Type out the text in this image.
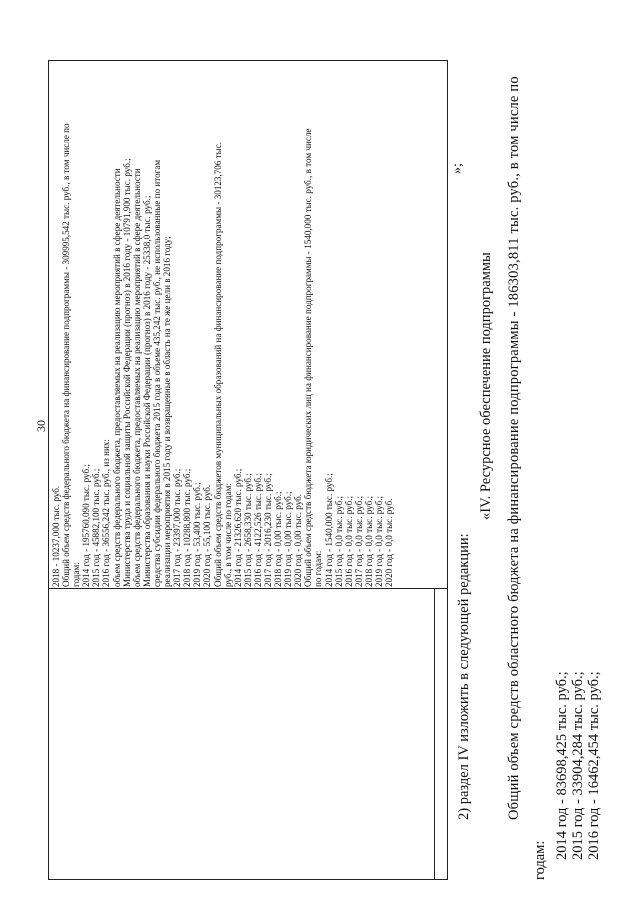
30
2018 - 10237,000 тыс. руб. Общий объем средств федерального бюджета на финансирование подпрограммы - 309995,542 тыс. руб., в том числе по годам: 2014 год - 195760,090 тыс. руб.; 2015 год - 45882,100 тыс. руб.; 2016 год - 36556,242 тыс. руб., из них: объем средств федерального бюджета, предоставляемых на реализацию мероприятий в сфере деятельности Министерства труда и социальной защиты Российской Федерации (прогноз) в 2016 году - 10791,900 тыс. руб.; объем средств федерального бюджета, предоставляемых на реализацию мероприятий в сфере деятельности Министерства образования и науки Российской Федерации (прогноз) в 2016 году - 25338,0 тыс. руб.; средства субсидии федерального бюджета 2015 года в объеме 435,242 тыс. руб., не использованные по итогам реализации мероприятия в 2015 году и возвращенные в область на те же цели в 2016 году; 2017 год - 23397,000 тыс. руб.; 2018 год - 10288,800 тыс. руб.; 2019 год - 53,400 тыс. руб.; 2020 год - 55,100 тыс. руб. Общий объем средств бюджетов муниципальных образований на финансирование подпрограммы - 30123,706 тыс. руб., в том числе по годам: 2014 год - 21326,620 тыс. руб.; 2015 год - 2658,330 тыс. руб.; 2016 год - 4122,526 тыс. руб.; 2017 год - 2016,230 тыс. руб.; 2018 год - 0,00 тыс. руб.; 2019 год - 0,00 тыс. руб.; 2020 год - 0,00 тыс. руб. Общий объем средств бюджета юридических лиц на финансирование подпрограммы - 1540,000 тыс. руб., в том числе по годам: 2014 год - 1540,000 тыс. руб.; 2015 год - 0,0 тыс. руб.; 2016 год - 0,0 тыс. руб.; 2017 год - 0,0 тыс. руб.; 2018 год - 0,0 тыс. руб.; 2019 год - 0,0 тыс. руб.; 2020 год - 0,0 тыс. руб.
»;
2) раздел IV изложить в следующей редакции:
«IV. Ресурсное обеспечение подпрограммы Общий объем средств областного бюджета на финансирование подпрограммы - 186303,811 тыс. руб., в том числе по
годам:
2014 год - 83698,425 тыс. руб.; 2015 год - 33904,284 тыс. руб.; 2016 год - 16462,454 тыс. руб.;
